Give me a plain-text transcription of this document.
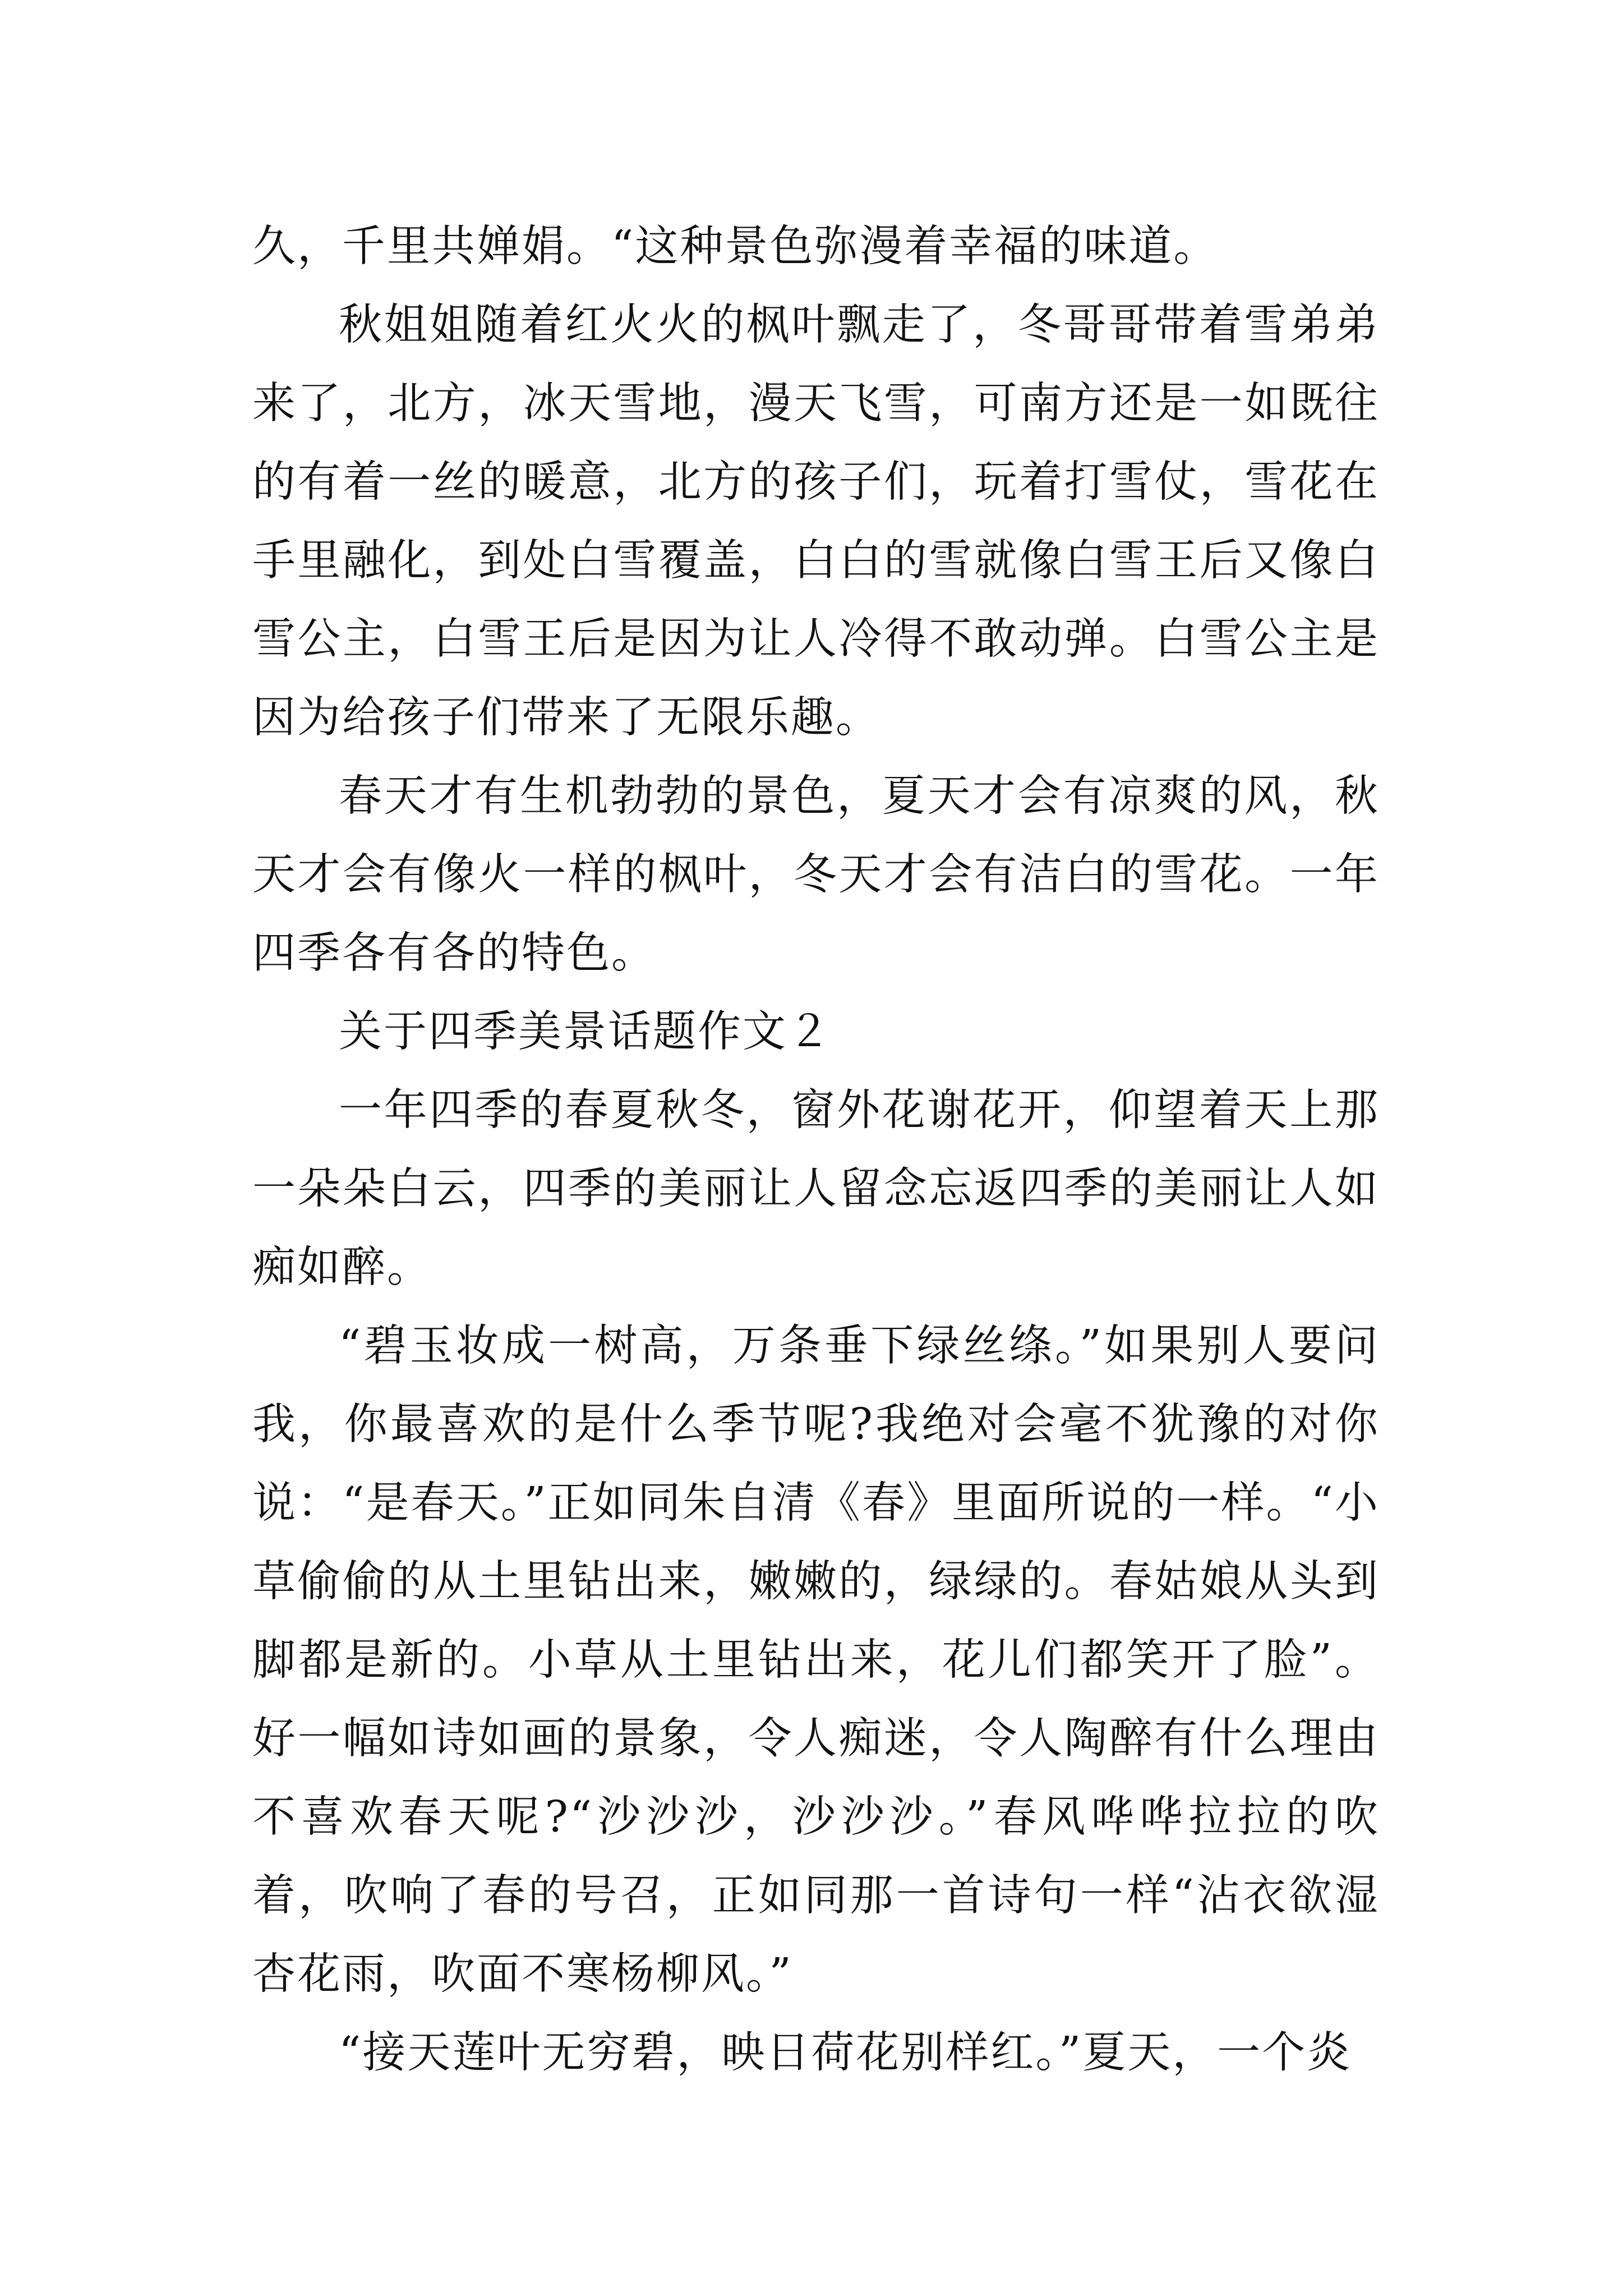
久，千里共婵娟。“这种景色弥漫着幸福的味道。

秋姐姐随着红火火的枫叶飘走了，冬哥哥带着雪弟弟来了，北方，冰天雪地，漫天飞雪，可南方还是一如既往的有着一丝的暖意，北方的孩子们，玩着打雪仗，雪花在手里融化，到处白雪覆盖，白白的雪就像白雪王后又像白雪公主，白雪王后是因为让人冷得不敢动弹。白雪公主是因为给孩子们带来了无限乐趣。

春天才有生机勃勃的景色，夏天才会有凉爽的风，秋天才会有像火一样的枫叶，冬天才会有洁白的雪花。一年四季各有各的特色。

关于四季美景话题作文２

一年四季的春夏秋冬，窗外花谢花开，仰望着天上那一朵朵白云，四季的美丽让人留念忘返四季的美丽让人如痴如醉。

“碧玉妆成一树高，万条垂下绿丝绦。”如果别人要问我，你最喜欢的是什么季节呢?我绝对会毫不犹豫的对你说：“是春天。”正如同朱自清《春》里面所说的一样。“小草偷偷的从土里钻出来，嫩嫩的，绿绿的。春姑娘从头到脚都是新的。小草从土里钻出来，花儿们都笑开了脸”。好一幅如诗如画的景象，令人痴迷，令人陶醉有什么理由不喜欢春天呢?“沙沙沙，沙沙沙。”春风哗哗拉拉的吹着，吹响了春的号召，正如同那一首诗句一样“沾衣欲湿杏花雨，吹面不寒杨柳风。”

“接天莲叶无穷碧，映日荷花别样红。”夏天，一个炎
